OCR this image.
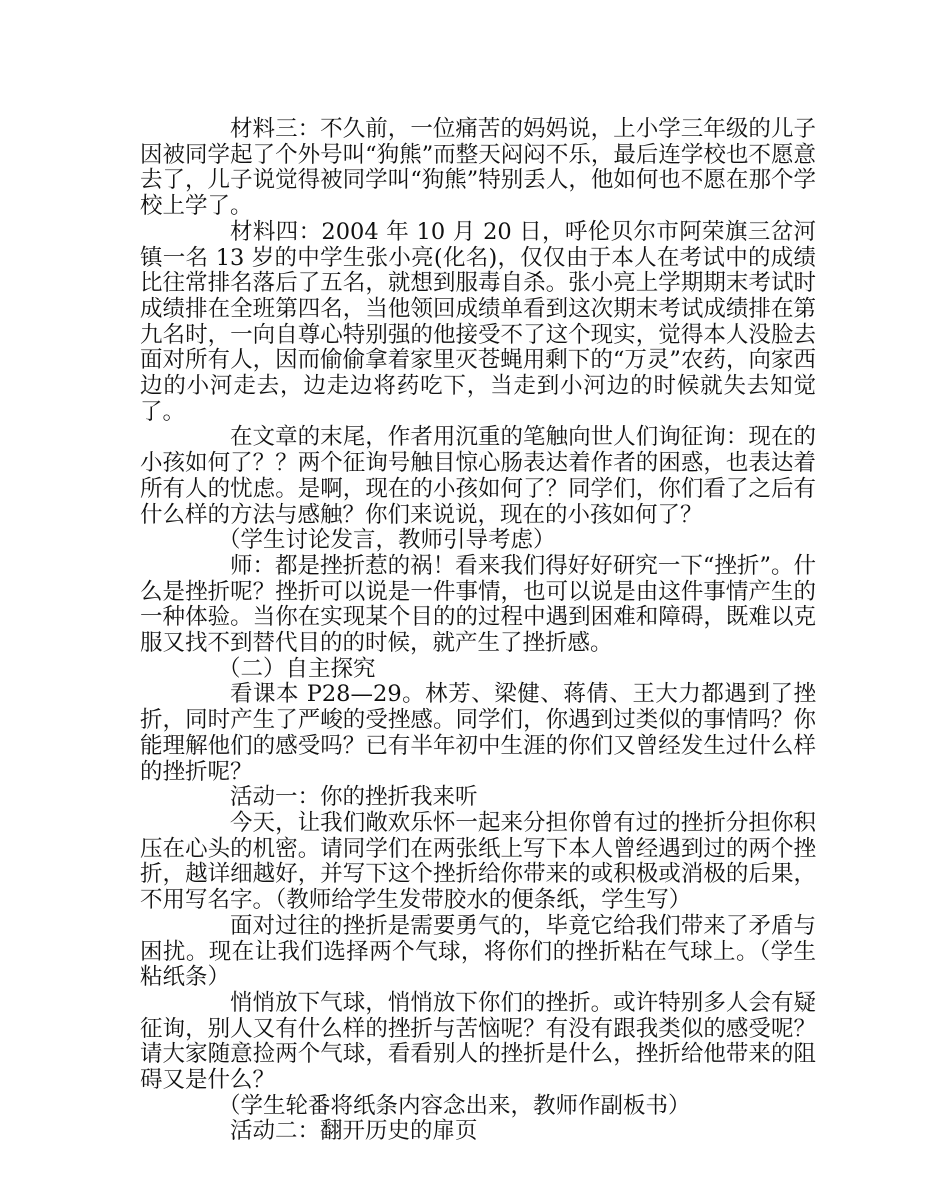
材料三：不久前，一位痛苦的妈妈说，上小学三年级的儿子因被同学起了个外号叫“狗熊”而整天闷闷不乐，最后连学校也不愿意去了，儿子说觉得被同学叫“狗熊”特别丢人，他如何也不愿在那个学校上学了。

材料四：2004 年 10 月 20 日，呼伦贝尔市阿荣旗三岔河镇一名 13 岁的中学生张小亮(化名)，仅仅由于本人在考试中的成绩比往常排名落后了五名，就想到服毒自杀。张小亮上学期期末考试时成绩排在全班第四名，当他领回成绩单看到这次期末考试成绩排在第九名时，一向自尊心特别强的他接受不了这个现实，觉得本人没脸去面对所有人，因而偷偷拿着家里灭苍蝇用剩下的“万灵”农药，向家西边的小河走去，边走边将药吃下，当走到小河边的时候就失去知觉了。

在文章的末尾，作者用沉重的笔触向世人们询征询：现在的小孩如何了？？两个征询号触目惊心肠表达着作者的困惑，也表达着所有人的忧虑。是啊，现在的小孩如何了？同学们，你们看了之后有什么样的方法与感触？你们来说说，现在的小孩如何了？

（学生讨论发言，教师引导考虑）

师：都是挫折惹的祸！看来我们得好好研究一下“挫折”。什么是挫折呢？挫折可以说是一件事情，也可以说是由这件事情产生的一种体验。当你在实现某个目的的过程中遇到困难和障碍，既难以克服又找不到替代目的的时候，就产生了挫折感。

（二）自主探究

看课本 P28—29。林芳、梁健、蒋倩、王大力都遇到了挫折，同时产生了严峻的受挫感。同学们，你遇到过类似的事情吗？你能理解他们的感受吗？已有半年初中生涯的你们又曾经发生过什么样的挫折呢？

活动一：你的挫折我来听

今天，让我们敞欢乐怀一起来分担你曾有过的挫折分担你积压在心头的机密。请同学们在两张纸上写下本人曾经遇到过的两个挫折，越详细越好，并写下这个挫折给你带来的或积极或消极的后果，不用写名字。（教师给学生发带胶水的便条纸，学生写）

面对过往的挫折是需要勇气的，毕竟它给我们带来了矛盾与困扰。现在让我们选择两个气球，将你们的挫折粘在气球上。（学生粘纸条）

悄悄放下气球，悄悄放下你们的挫折。或许特别多人会有疑征询，别人又有什么样的挫折与苦恼呢？有没有跟我类似的感受呢？请大家随意捡两个气球，看看别人的挫折是什么，挫折给他带来的阻碍又是什么？

（学生轮番将纸条内容念出来，教师作副板书）

活动二：翻开历史的扉页
